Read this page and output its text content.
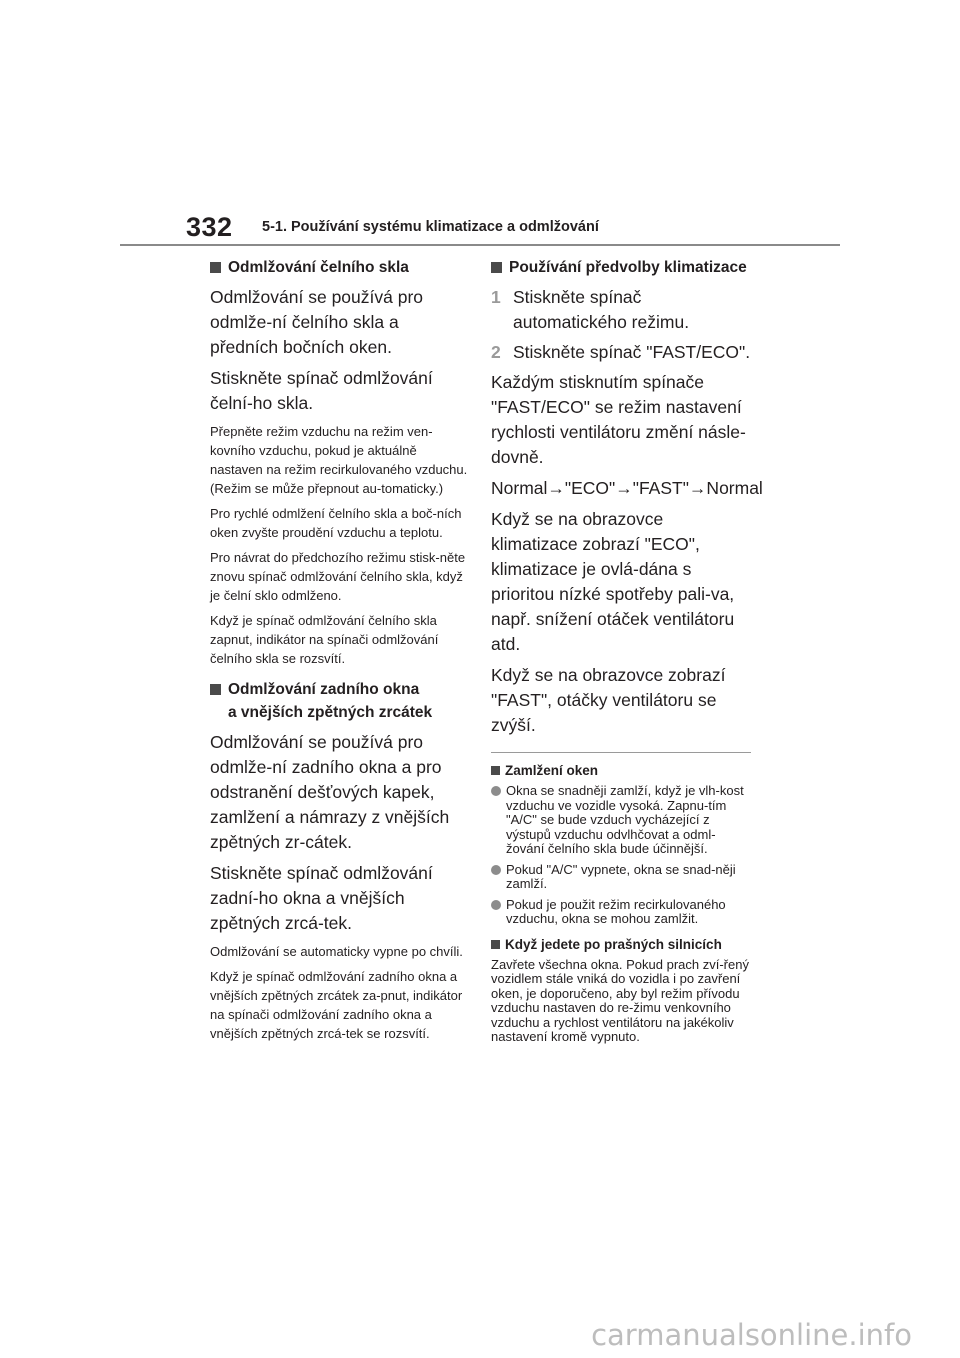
332 5-1. Používání systému klimatizace a odmlžování
Odmlžování čelního skla

Odmlžování se používá pro odmlže-ní čelního skla a předních bočních oken.

Stiskněte spínač odmlžování čelní-ho skla.

Přepněte režim vzduchu na režim ven-kovního vzduchu, pokud je aktuálně nastaven na režim recirkulovaného vzduchu. (Režim se může přepnout au-tomaticky.)

Pro rychlé odmlžení čelního skla a boč-ních oken zvyšte proudění vzduchu a teplotu.

Pro návrat do předchozího režimu stisk-něte znovu spínač odmlžování čelního skla, když je čelní sklo odmlženo.

Když je spínač odmlžování čelního skla zapnut, indikátor na spínači odmlžování čelního skla se rozsvítí.

Odmlžování zadního okna
a vnějších zpětných zrcátek

Odmlžování se používá pro odmlže-ní zadního okna a pro odstranění dešťových kapek, zamlžení a námrazy z vnějších zpětných zr-cátek.

Stiskněte spínač odmlžování zadní-ho okna a vnějších zpětných zrcá-tek.

Odmlžování se automaticky vypne po chvíli.

Když je spínač odmlžování zadního okna a vnějších zpětných zrcátek za-pnut, indikátor na spínači odmlžování zadního okna a vnějších zpětných zrcá-tek se rozsvítí.

Používání předvolby klimatizace
1 Stiskněte spínač automatického režimu.
2 Stiskněte spínač "FAST/ECO".

Každým stisknutím spínače "FAST/ECO" se režim nastavení rychlosti ventilátoru změní násle-dovně.

Normal→"ECO"→"FAST"→Normal

Když se na obrazovce klimatizace zobrazí "ECO", klimatizace je ovlá-dána s prioritou nízké spotřeby pali-va, např. snížení otáček ventilátoru atd.

Když se na obrazovce zobrazí "FAST", otáčky ventilátoru se zvýší.

Zamlžení oken
Okna se snadněji zamlží, když je vlh-kost vzduchu ve vozidle vysoká. Zapnu-tím "A/C" se bude vzduch vycházející z výstupů vzduchu odvlhčovat a odml-žování čelního skla bude účinnější.
Pokud "A/C" vypnete, okna se snad-něji zamlží.
Pokud je použit režim recirkulovaného vzduchu, okna se mohou zamlžit.
Když jedete po prašných silnicích

Zavřete všechna okna. Pokud prach zví-řený vozidlem stále vniká do vozidla i po zavření oken, je doporučeno, aby byl režim přívodu vzduchu nastaven do re-žimu venkovního vzduchu a rychlost ventilátoru na jakékoliv nastavení kromě vypnuto.

carmanualsonline.info
